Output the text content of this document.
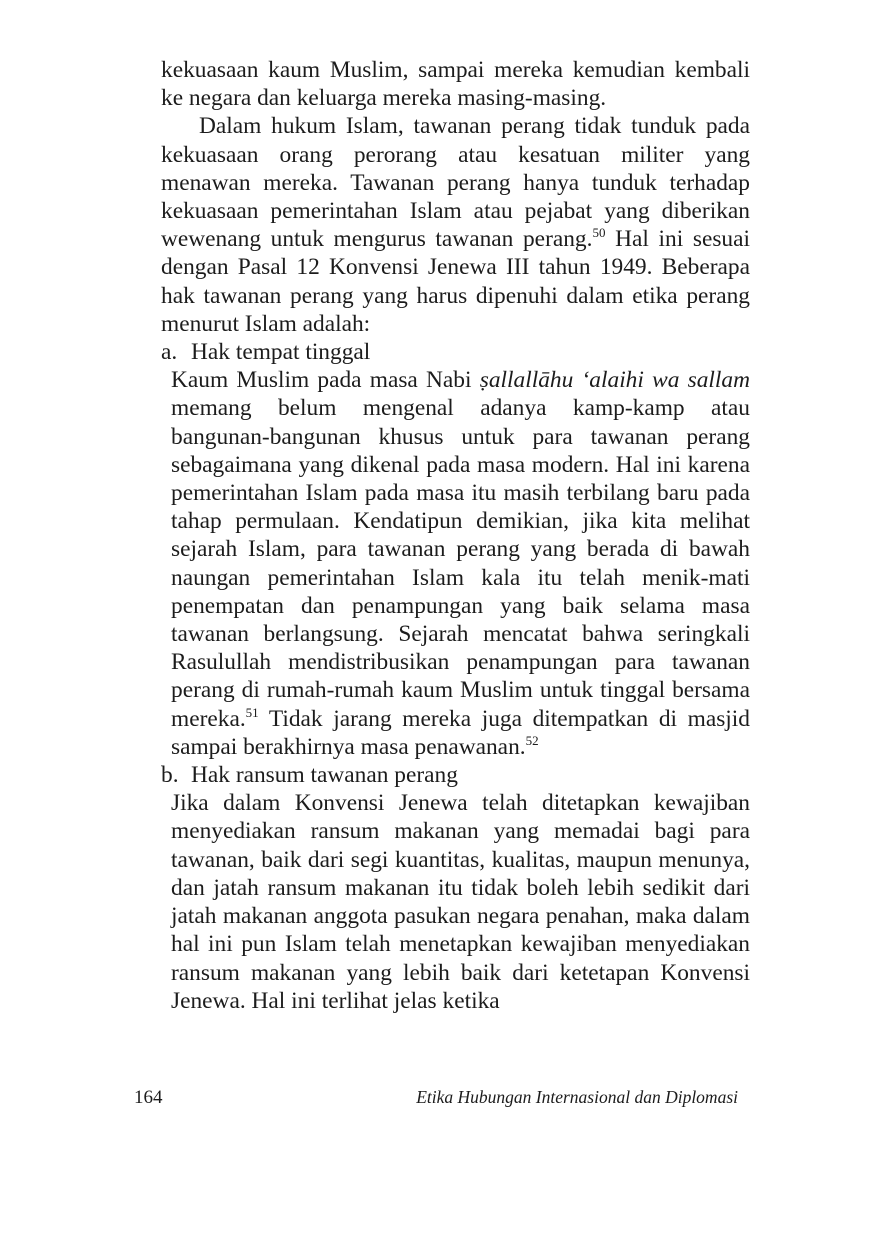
kekuasaan kaum Muslim, sampai mereka kemudian kembali ke negara dan keluarga mereka masing-masing.

Dalam hukum Islam, tawanan perang tidak tunduk pada kekuasaan orang perorang atau kesatuan militer yang menawan mereka. Tawanan perang hanya tunduk terhadap kekuasaan pemerintahan Islam atau pejabat yang diberikan wewenang untuk mengurus tawanan perang.$^{50}$ Hal ini sesuai dengan Pasal 12 Konvensi Jenewa III tahun 1949. Beberapa hak tawanan perang yang harus dipenuhi dalam etika perang menurut Islam adalah:

a. Hak tempat tinggal

Kaum Muslim pada masa Nabi ṣallallāhu ‘alaihi wa sallam memang belum mengenal adanya kamp-kamp atau bangunan-bangunan khusus untuk para tawanan perang sebagaimana yang dikenal pada masa modern. Hal ini karena pemerintahan Islam pada masa itu masih terbilang baru pada tahap permulaan. Kendatipun demikian, jika kita melihat sejarah Islam, para tawanan perang yang berada di bawah naungan pemerintahan Islam kala itu telah menik-mati penempatan dan penampungan yang baik selama masa tawanan berlangsung. Sejarah mencatat bahwa seringkali Rasulullah mendistribusikan penampungan para tawanan perang di rumah-rumah kaum Muslim untuk tinggal bersama mereka.$^{51}$ Tidak jarang mereka juga ditempatkan di masjid sampai berakhirnya masa penawanan.$^{52}$

b. Hak ransum tawanan perang

Jika dalam Konvensi Jenewa telah ditetapkan kewajiban menyediakan ransum makanan yang memadai bagi para tawanan, baik dari segi kuantitas, kualitas, maupun menunya, dan jatah ransum makanan itu tidak boleh lebih sedikit dari jatah makanan anggota pasukan negara penahan, maka dalam hal ini pun Islam telah menetapkan kewajiban menyediakan ransum makanan yang lebih baik dari ketetapan Konvensi Jenewa. Hal ini terlihat jelas ketika

164	Etika Hubungan Internasional dan Diplomasi
